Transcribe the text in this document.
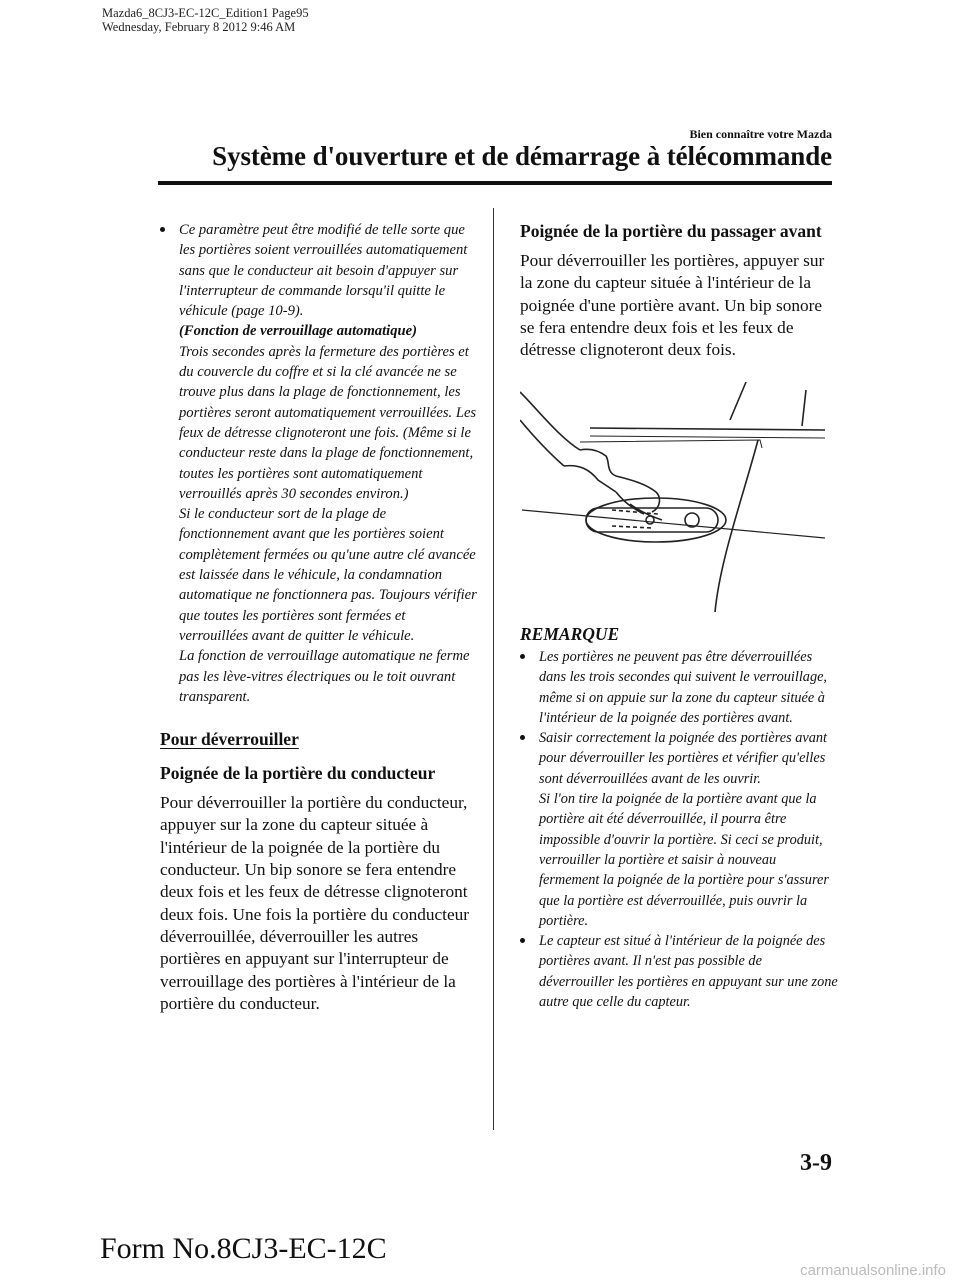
Mazda6_8CJ3-EC-12C_Edition1 Page95
Wednesday, February 8 2012 9:46 AM
Bien connaître votre Mazda
Système d'ouverture et de démarrage à télécommande

Ce paramètre peut être modifié de telle sorte que les portières soient verrouillées automatiquement sans que le conducteur ait besoin d'appuyer sur l'interrupteur de commande lorsqu'il quitte le véhicule (page 10-9).

(Fonction de verrouillage automatique)

Trois secondes après la fermeture des portières et du couvercle du coffre et si la clé avancée ne se trouve plus dans la plage de fonctionnement, les portières seront automatiquement verrouillées. Les feux de détresse clignoteront une fois. (Même si le conducteur reste dans la plage de fonctionnement, toutes les portières sont automatiquement verrouillés après 30 secondes environ.)

Si le conducteur sort de la plage de fonctionnement avant que les portières soient complètement fermées ou qu'une autre clé avancée est laissée dans le véhicule, la condamnation automatique ne fonctionnera pas. Toujours vérifier que toutes les portières sont fermées et verrouillées avant de quitter le véhicule.

La fonction de verrouillage automatique ne ferme pas les lève-vitres électriques ou le toit ouvrant transparent.

Pour déverrouiller
Poignée de la portière du conducteur

Pour déverrouiller la portière du conducteur, appuyer sur la zone du capteur située à l'intérieur de la poignée de la portière du conducteur. Un bip sonore se fera entendre deux fois et les feux de détresse clignoteront deux fois. Une fois la portière du conducteur déverrouillée, déverrouiller les autres portières en appuyant sur l'interrupteur de verrouillage des portières à l'intérieur de la portière du conducteur.

Poignée de la portière du passager avant

Pour déverrouiller les portières, appuyer sur la zone du capteur située à l'intérieur de la poignée d'une portière avant. Un bip sonore se fera entendre deux fois et les feux de détresse clignoteront deux fois.

REMARQUE
Les portières ne peuvent pas être déverrouillées dans les trois secondes qui suivent le verrouillage, même si on appuie sur la zone du capteur située à l'intérieur de la poignée des portières avant.
Saisir correctement la poignée des portières avant pour déverrouiller les portières et vérifier qu'elles sont déverrouillées avant de les ouvrir.
Si l'on tire la poignée de la portière avant que la portière ait été déverrouillée, il pourra être impossible d'ouvrir la portière. Si ceci se produit, verrouiller la portière et saisir à nouveau fermement la poignée de la portière pour s'assurer que la portière est déverrouillée, puis ouvrir la portière.
Le capteur est situé à l'intérieur de la poignée des portières avant. Il n'est pas possible de déverrouiller les portières en appuyant sur une zone autre que celle du capteur.
3-9
Form No.8CJ3-EC-12C
carmanualsonline.info
